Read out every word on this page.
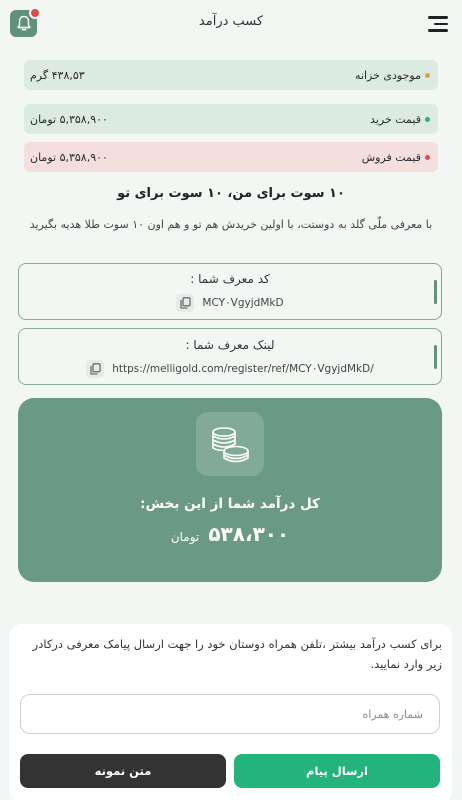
کسب درآمد
موجودی خزانه
۴۳۸,۵۳ گرم
قیمت خرید
۵,۳۵۸,۹۰۰ تومان
قیمت فروش
۵,۳۵۸,۹۰۰ تومان
۱۰ سوت برای من، ۱۰ سوت برای تو
با معرفی ملّی گلد به دوستت، با اولین خریدش هم تو و هم اون ۱۰ سوت طلا هدیه بگیرید
کد معرف شما :
MCY۰VgyjdMkD
لینک معرف شما :
https://melligold.com/register/ref/MCY۰VgyjdMkD/
کل درآمد شما از این بخش:
۵۳۸،۳۰۰ تومان
برای کسب درآمد بیشتر ،تلفن همراه دوستان خود را جهت ارسال پیامک معرفی درکادر زیر وارد نمایید.
شماره همراه
ارسال پیام
متن نمونه
